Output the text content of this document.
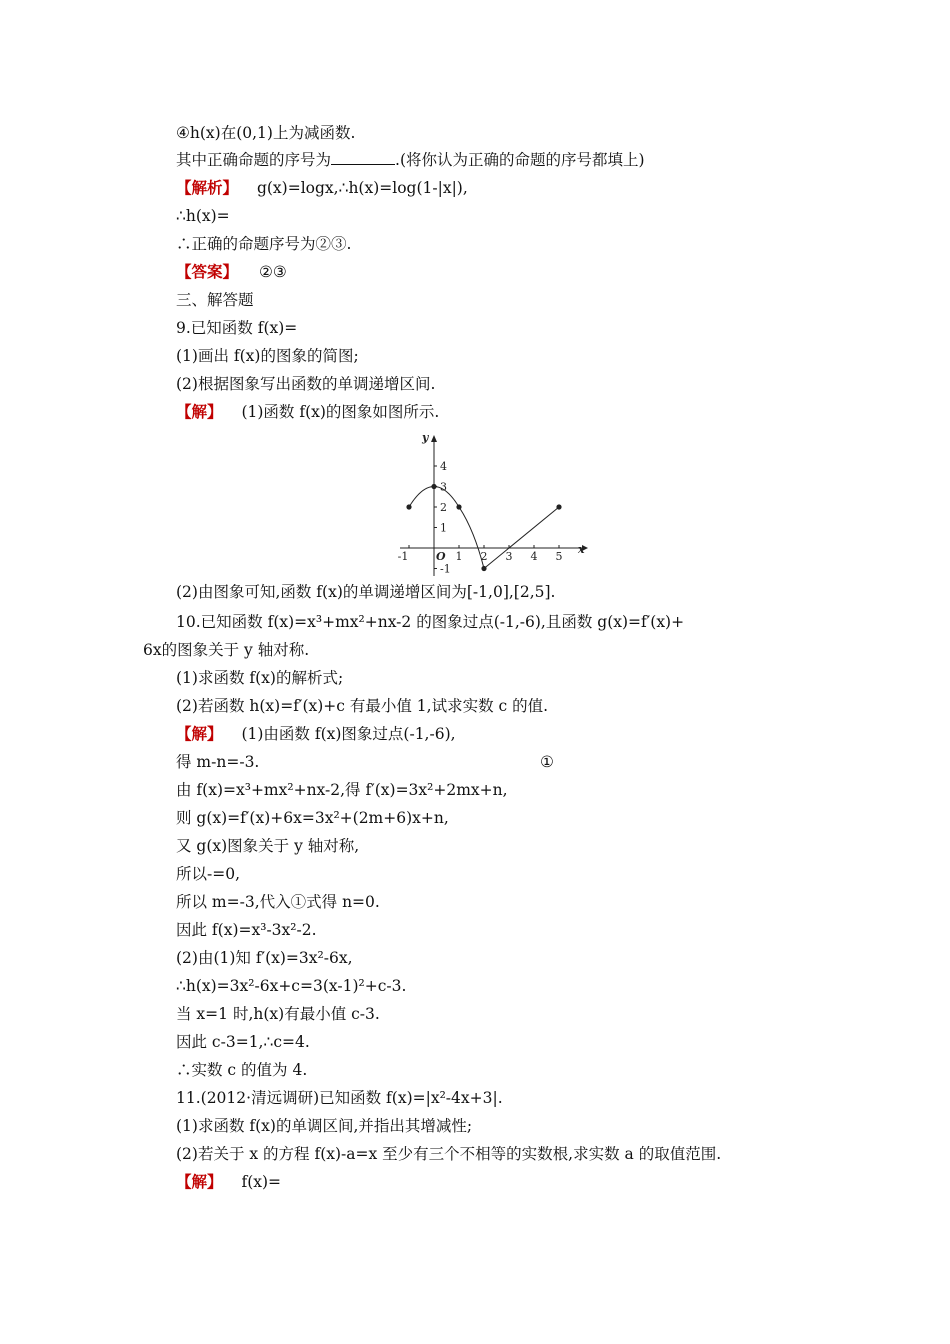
④h(x)在(0,1)上为减函数.
其中正确命题的序号为	.(将你认为正确的命题的序号都填上)
【解析】 g(x)=logx,∴h(x)=log(1-|x|),
∴h(x)=
∴正确的命题序号为②③.
【答案】 ②③
三、解答题
9.已知函数 f(x)=
(1)画出 f(x)的图象的简图;
(2)根据图象写出函数的单调递增区间.
【解】 (1)函数 f(x)的图象如图所示.
-1	1 2 3 4 5
4
3
2
1
-1
O
x
y
(2)由图象可知,函数 f(x)的单调递增区间为[-1,0],[2,5].
10.已知函数 f(x)=x³+mx²+nx-2 的图象过点(-1,-6),且函数 g(x)=f′(x)+
6x的图象关于 y 轴对称.
(1)求函数 f(x)的解析式;
(2)若函数 h(x)=f′(x)+c 有最小值 1,试求实数 c 的值.
【解】 (1)由函数 f(x)图象过点(-1,-6),
得 m-n=-3.	①
由 f(x)=x³+mx²+nx-2,得 f′(x)=3x²+2mx+n,
则 g(x)=f′(x)+6x=3x²+(2m+6)x+n,
又 g(x)图象关于 y 轴对称,
所以-=0,
所以 m=-3,代入①式得 n=0.
因此 f(x)=x³-3x²-2.
(2)由(1)知 f′(x)=3x²-6x,
∴h(x)=3x²-6x+c=3(x-1)²+c-3.
当 x=1 时,h(x)有最小值 c-3.
因此 c-3=1,∴c=4.
∴实数 c 的值为 4.
11.(2012·清远调研)已知函数 f(x)=|x²-4x+3|.
(1)求函数 f(x)的单调区间,并指出其增减性;
(2)若关于 x 的方程 f(x)-a=x 至少有三个不相等的实数根,求实数 a 的取值范围.
【解】 f(x)=
